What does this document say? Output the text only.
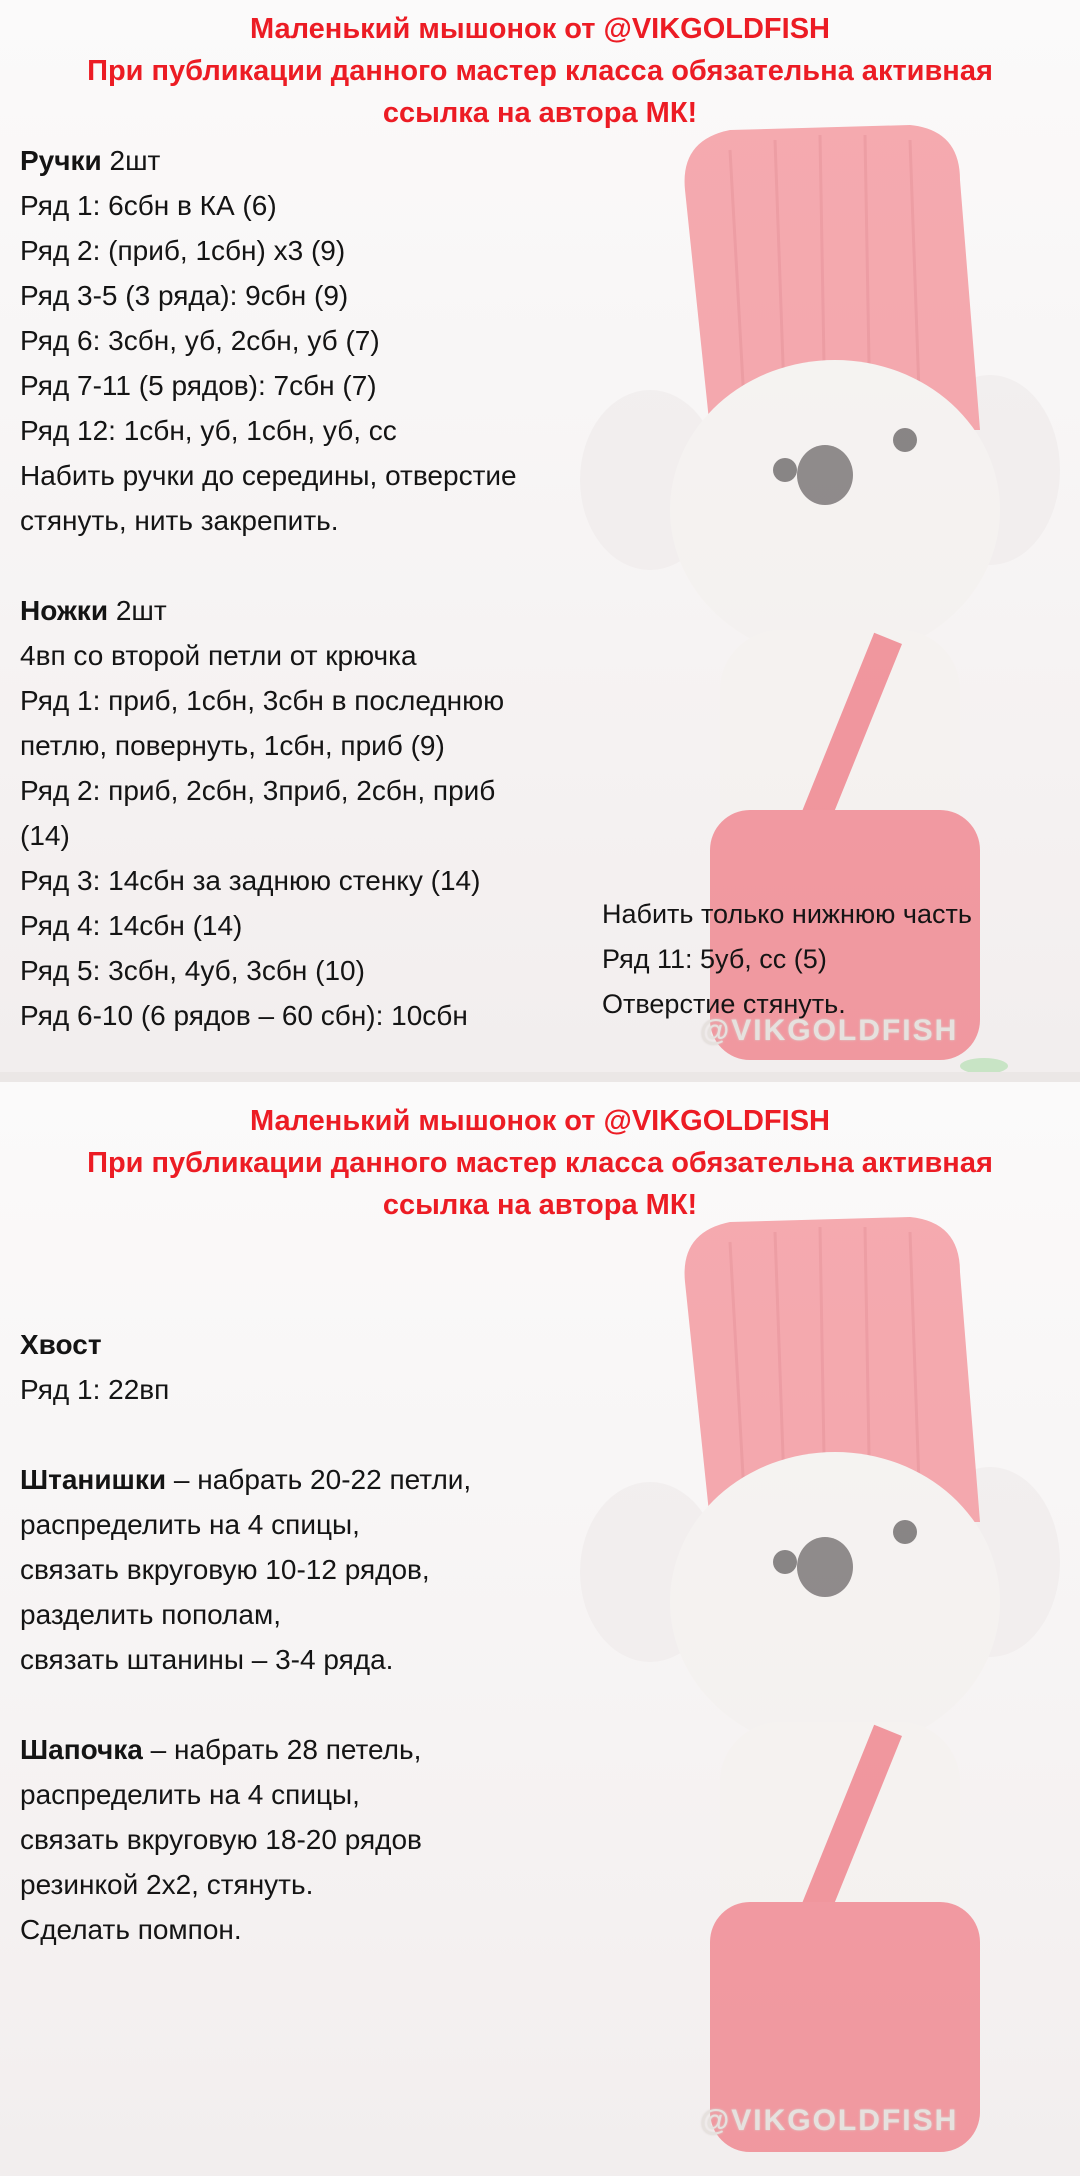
Маленький мышонок от @VIKGOLDFISH
При публикации данного мастер класса обязательна активная
ссылка на автора МК!
Ручки 2шт
Ряд 1: 6сбн в КА (6)
Ряд 2: (приб, 1сбн) х3 (9)
Ряд 3-5 (3 ряда): 9сбн (9)
Ряд 6: 3сбн, уб, 2сбн, уб (7)
Ряд 7-11 (5 рядов): 7сбн (7)
Ряд 12: 1сбн, уб, 1сбн, уб, сс
Набить ручки до середины, отверстие
стянуть, нить закрепить.
Ножки 2шт
4вп со второй петли от крючка
Ряд 1: приб, 1сбн, 3сбн в последнюю
петлю, повернуть, 1сбн, приб (9)
Ряд 2: приб, 2сбн, 3приб, 2сбн, приб
(14)
Ряд 3: 14сбн за заднюю стенку (14)
Ряд 4: 14сбн (14)
Ряд 5: 3сбн, 4уб, 3сбн (10)
Ряд 6-10 (6 рядов – 60 сбн): 10сбн
Набить только нижнюю часть
Ряд 11: 5уб, сс (5)
Отверстие стянуть.
@VIKGOLDFISH
Маленький мышонок от @VIKGOLDFISH
При публикации данного мастер класса обязательна активная
ссылка на автора МК!
Хвост
Ряд 1: 22вп
Штанишки – набрать 20-22 петли,
распределить на 4 спицы,
связать вкруговую 10-12 рядов,
разделить пополам,
связать штанины – 3-4 ряда.
Шапочка – набрать 28 петель,
распределить на 4 спицы,
связать вкруговую 18-20 рядов
резинкой 2х2, стянуть.
Сделать помпон.
@VIKGOLDFISH
